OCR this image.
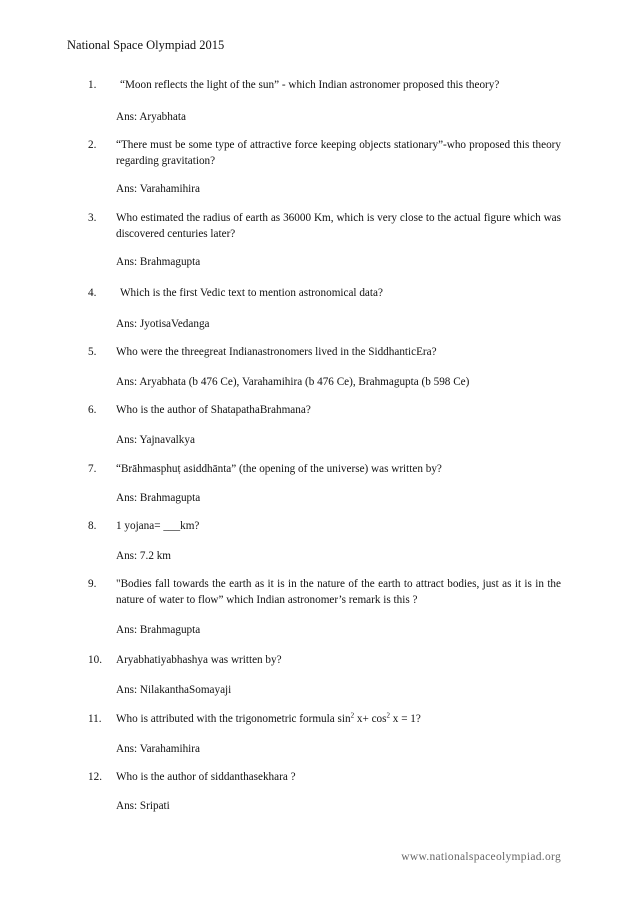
National Space Olympiad 2015
1.	“Moon reflects the light of the sun” - which Indian astronomer proposed this theory?
Ans: Aryabhata
2.	“There must be some type of attractive force keeping objects stationary”-who proposed this theory regarding gravitation?
Ans: Varahamihira
3.	Who estimated the radius of earth as 36000 Km, which is very close to the actual figure which was discovered centuries later?
Ans: Brahmagupta
4.	Which is the first Vedic text to mention astronomical data?
Ans: JyotisaVedanga
5.	Who were the threegreat Indianastronomers lived in the SiddhanticEra?
Ans: Aryabhata (b 476 Ce), Varahamihira (b 476 Ce), Brahmagupta (b 598 Ce)
6.	Who is the author of ShatapathaBrahmana?
Ans: Yajnavalkya
7.	“Brāhmasphuṭ asiddhānta” (the opening of the universe) was written by?
Ans: Brahmagupta
8.	1 yojana= ___km?
Ans: 7.2 km
9.	"Bodies fall towards the earth as it is in the nature of the earth to attract bodies, just as it is in the nature of water to flow” which Indian astronomer’s remark is this ?
Ans: Brahmagupta
10.	Aryabhatiyabhashya was written by?
Ans: NilakanthaSomayaji
11.	Who is attributed with the trigonometric formula $\sin^2 x+ \cos^2 x = 1$?
Ans: Varahamihira
12.	Who is the author of siddanthasekhara ?
Ans: Sripati
www.nationalspaceolympiad.org
